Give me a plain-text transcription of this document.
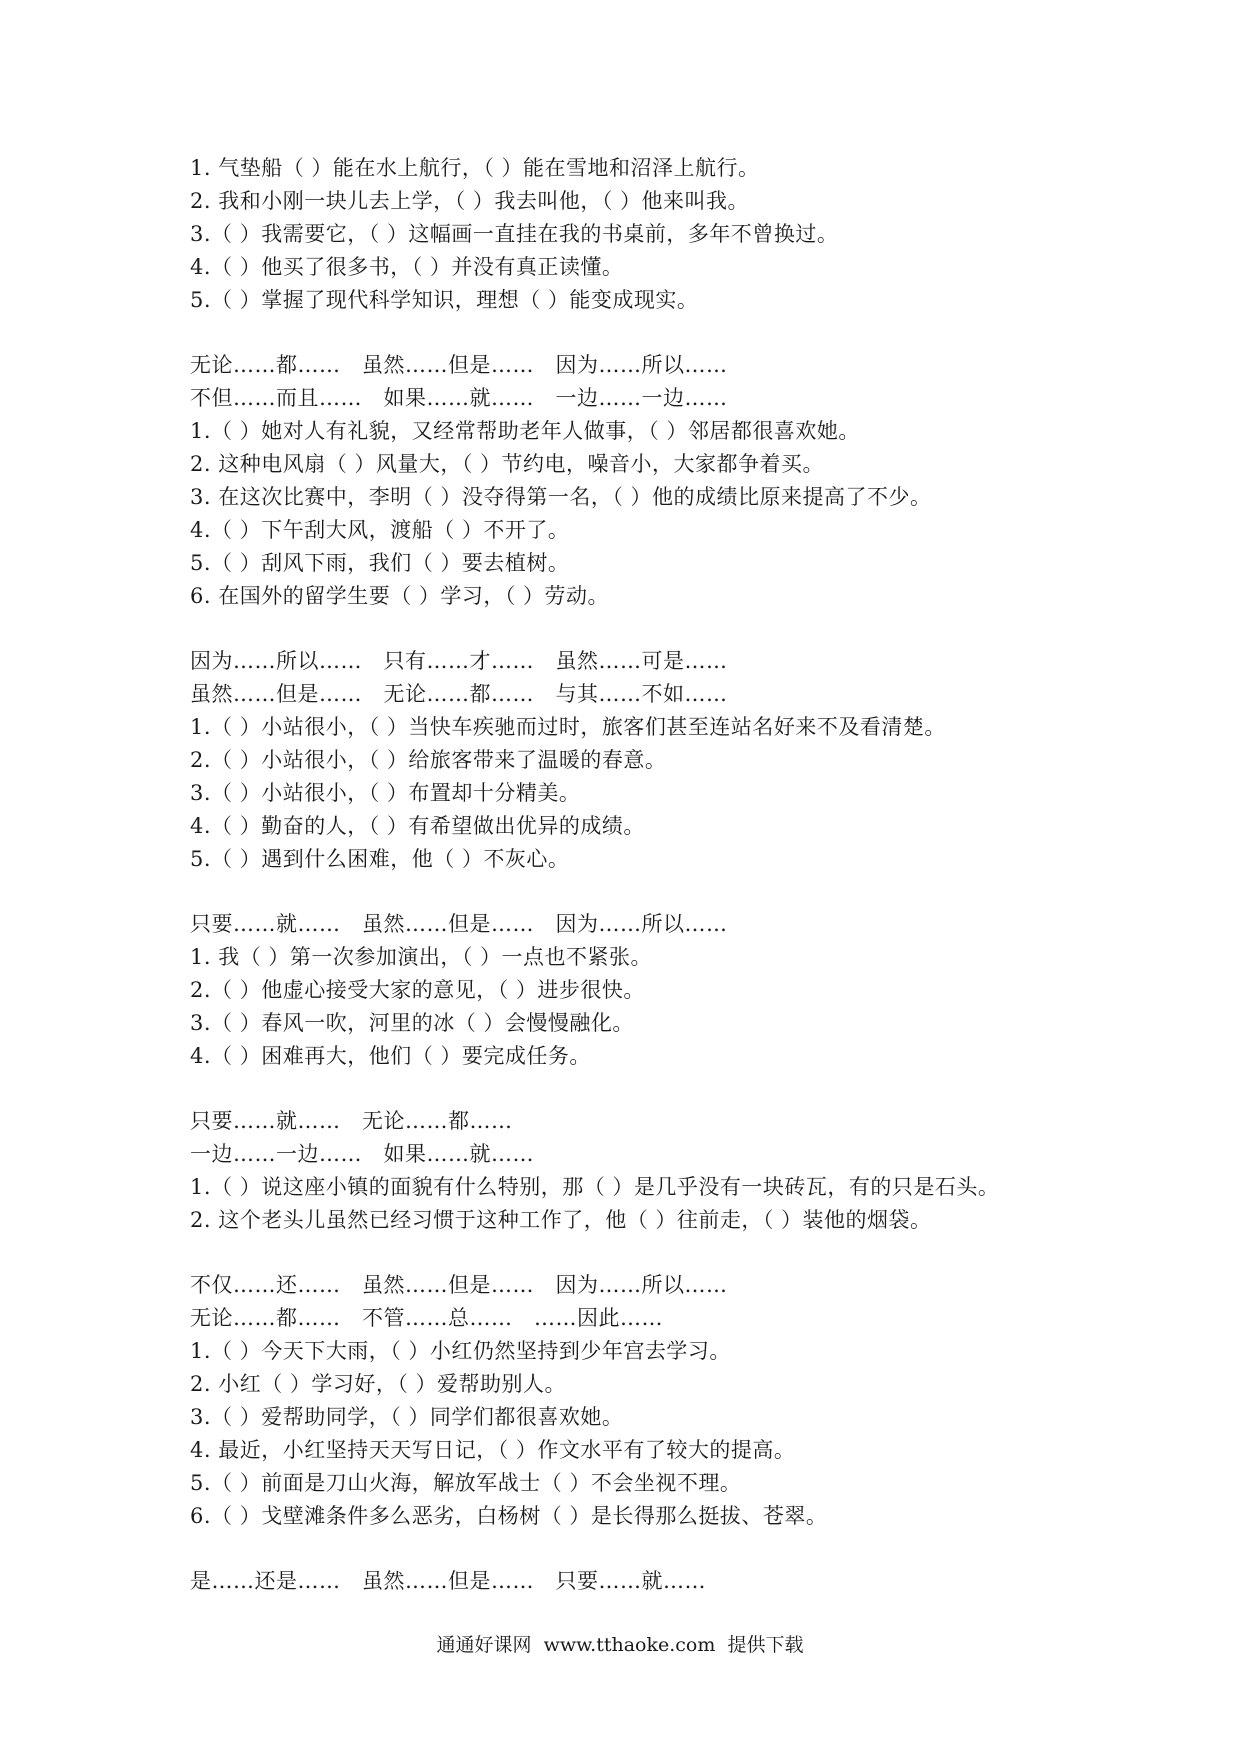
1. 气垫船（ ）能在水上航行，（ ）能在雪地和沼泽上航行。
2. 我和小刚一块儿去上学，（ ）我去叫他，（ ）他来叫我。
3.（ ）我需要它，（ ）这幅画一直挂在我的书桌前，多年不曾换过。
4.（ ）他买了很多书，（ ）并没有真正读懂。
5.（ ）掌握了现代科学知识，理想（ ）能变成现实。
无论……都……   虽然……但是……   因为……所以……
不但……而且……   如果……就……   一边……一边……
1.（ ）她对人有礼貌，又经常帮助老年人做事，（ ）邻居都很喜欢她。
2. 这种电风扇（ ）风量大，（ ）节约电，噪音小，大家都争着买。
3. 在这次比赛中，李明（ ）没夺得第一名，（ ）他的成绩比原来提高了不少。
4.（ ）下午刮大风，渡船（ ）不开了。
5.（ ）刮风下雨，我们（ ）要去植树。
6. 在国外的留学生要（ ）学习，（ ）劳动。
因为……所以……   只有……才……   虽然……可是……
虽然……但是……   无论……都……   与其……不如……
1.（ ）小站很小，（ ）当快车疾驰而过时，旅客们甚至连站名好来不及看清楚。
2.（ ）小站很小，（ ）给旅客带来了温暖的春意。
3.（ ）小站很小，（ ）布置却十分精美。
4.（ ）勤奋的人，（ ）有希望做出优异的成绩。
5.（ ）遇到什么困难，他（ ）不灰心。
只要……就……   虽然……但是……   因为……所以……
1. 我（ ）第一次参加演出，（ ）一点也不紧张。
2.（ ）他虚心接受大家的意见，（ ）进步很快。
3.（ ）春风一吹，河里的冰（ ）会慢慢融化。
4.（ ）困难再大，他们（ ）要完成任务。
只要……就……   无论……都……
一边……一边……   如果……就……
1.（ ）说这座小镇的面貌有什么特别，那（ ）是几乎没有一块砖瓦，有的只是石头。
2. 这个老头儿虽然已经习惯于这种工作了，他（ ）往前走，（ ）装他的烟袋。
不仅……还……   虽然……但是……   因为……所以……
无论……都……   不管……总……   ……因此……
1.（ ）今天下大雨，（ ）小红仍然坚持到少年宫去学习。
2. 小红（ ）学习好，（ ）爱帮助别人。
3.（ ）爱帮助同学，（ ）同学们都很喜欢她。
4. 最近，小红坚持天天写日记，（ ）作文水平有了较大的提高。
5.（ ）前面是刀山火海，解放军战士（ ）不会坐视不理。
6.（ ）戈壁滩条件多么恶劣，白杨树（ ）是长得那么挺拔、苍翠。
是……还是……   虽然……但是……   只要……就……
通通好课网  www.tthaoke.com  提供下载
